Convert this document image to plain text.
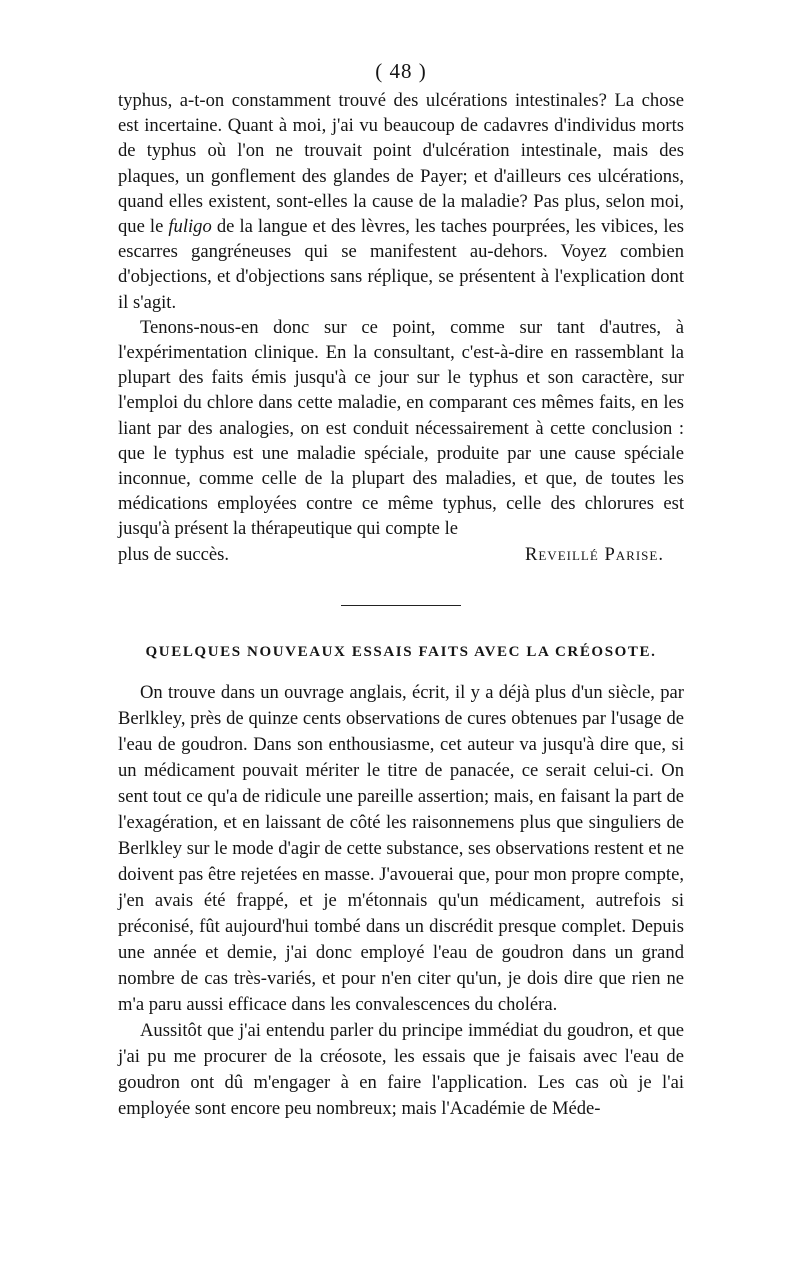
( 48 )

typhus, a-t-on constamment trouvé des ulcérations intestinales? La chose est incertaine. Quant à moi, j'ai vu beaucoup de cadavres d'individus morts de typhus où l'on ne trouvait point d'ulcération intestinale, mais des plaques, un gonflement des glandes de Payer; et d'ailleurs ces ulcérations, quand elles existent, sont-elles la cause de la maladie? Pas plus, selon moi, que le fuligo de la langue et des lèvres, les taches pourprées, les vibices, les escarres gangréneuses qui se manifestent au-dehors. Voyez combien d'objections, et d'objections sans réplique, se présentent à l'explication dont il s'agit.

Tenons-nous-en donc sur ce point, comme sur tant d'autres, à l'expérimentation clinique. En la consultant, c'est-à-dire en rassemblant la plupart des faits émis jusqu'à ce jour sur le typhus et son caractère, sur l'emploi du chlore dans cette maladie, en comparant ces mêmes faits, en les liant par des analogies, on est conduit nécessairement à cette conclusion : que le typhus est une maladie spéciale, produite par une cause spéciale inconnue, comme celle de la plupart des maladies, et que, de toutes les médications employées contre ce même typhus, celle des chlorures est jusqu'à présent la thérapeutique qui compte le

plus de succès.	Reveillé Parise.
QUELQUES NOUVEAUX ESSAIS FAITS AVEC LA CRÉOSOTE.

On trouve dans un ouvrage anglais, écrit, il y a déjà plus d'un siècle, par Berlkley, près de quinze cents observations de cures obtenues par l'usage de l'eau de goudron. Dans son enthousiasme, cet auteur va jusqu'à dire que, si un médicament pouvait mériter le titre de panacée, ce serait celui-ci. On sent tout ce qu'a de ridicule une pareille assertion; mais, en faisant la part de l'exagération, et en laissant de côté les raisonnemens plus que singuliers de Berlkley sur le mode d'agir de cette substance, ses observations restent et ne doivent pas être rejetées en masse. J'avouerai que, pour mon propre compte, j'en avais été frappé, et je m'étonnais qu'un médicament, autrefois si préconisé, fût aujourd'hui tombé dans un discrédit presque complet. Depuis une année et demie, j'ai donc employé l'eau de goudron dans un grand nombre de cas très-variés, et pour n'en citer qu'un, je dois dire que rien ne m'a paru aussi efficace dans les convalescences du choléra.

Aussitôt que j'ai entendu parler du principe immédiat du goudron, et que j'ai pu me procurer de la créosote, les essais que je faisais avec l'eau de goudron ont dû m'engager à en faire l'application. Les cas où je l'ai employée sont encore peu nombreux; mais l'Académie de Méde-
